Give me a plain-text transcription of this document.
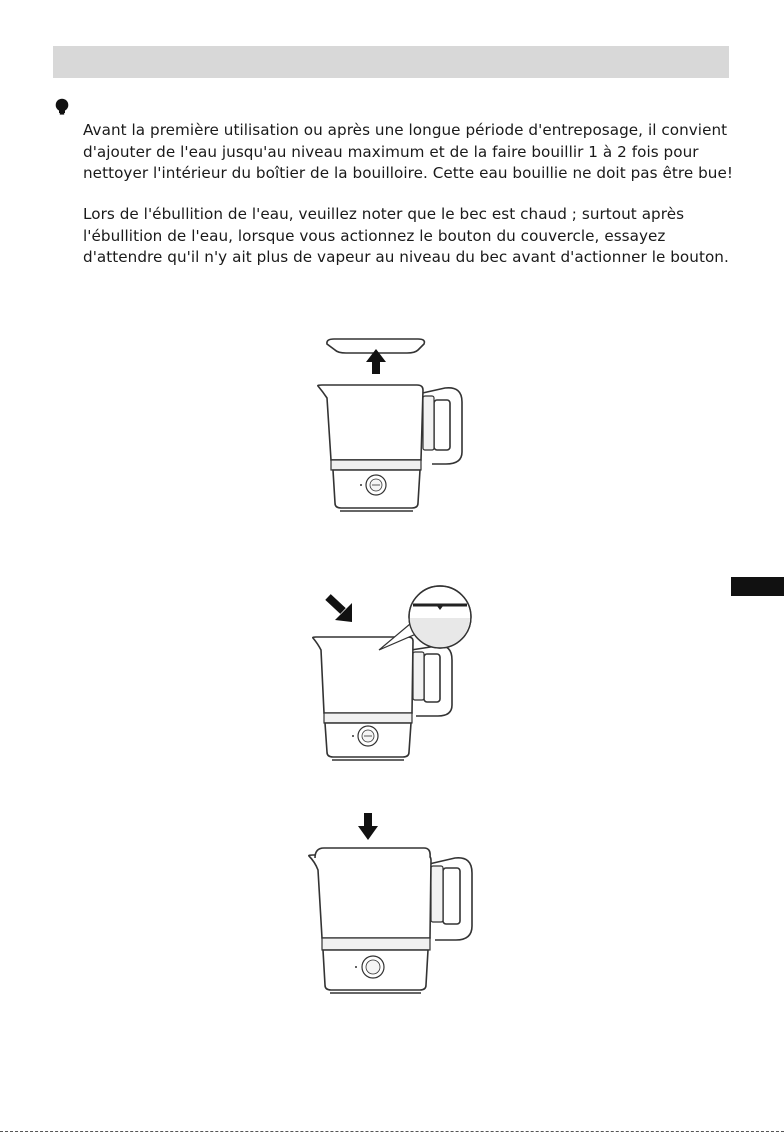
Avant la première utilisation ou après une longue période d'entreposage, il convient d'ajouter de l'eau jusqu'au niveau maximum et de la faire bouillir 1 à 2 fois pour nettoyer l'intérieur du boîtier de la bouilloire. Cette eau bouillie ne doit pas être bue!
Lors de l'ébullition de l'eau, veuillez noter que le bec est chaud ; surtout après l'ébullition de l'eau, lorsque vous actionnez le bouton du couvercle, essayez d'attendre qu'il n'y ait plus de vapeur au niveau du bec avant d'actionner le bouton.
